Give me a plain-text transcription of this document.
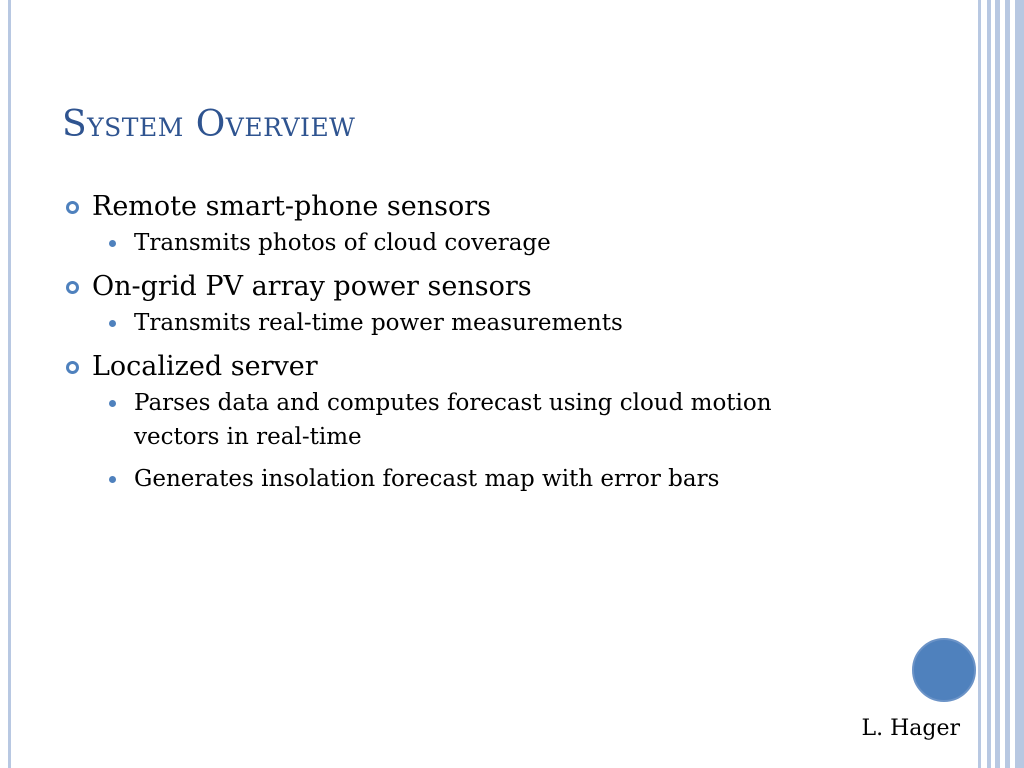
System Overview
Remote smart-phone sensors
Transmits photos of cloud coverage
On-grid PV array power sensors
Transmits real-time power measurements
Localized server
Parses data and computes forecast using cloud motion vectors in real-time
Generates insolation forecast map with error bars
L. Hager
